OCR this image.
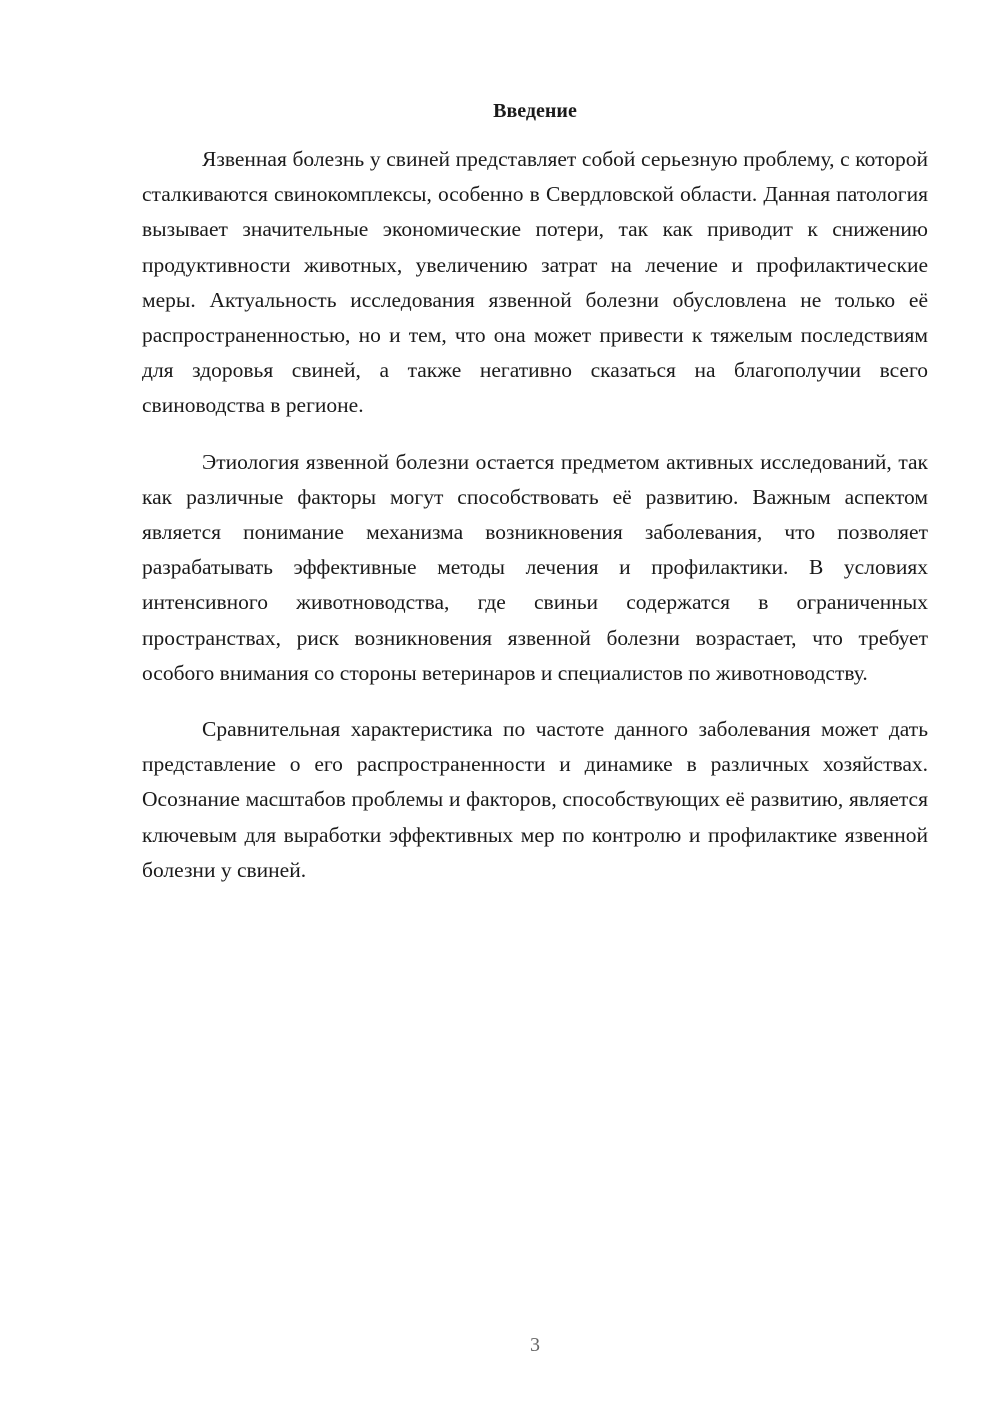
Введение

Язвенная болезнь у свиней представляет собой серьезную проблему, с которой сталкиваются свинокомплексы, особенно в Свердловской области. Данная патология вызывает значительные экономические потери, так как приводит к снижению продуктивности животных, увеличению затрат на лечение и профилактические меры. Актуальность исследования язвенной болезни обусловлена не только её распространенностью, но и тем, что она может привести к тяжелым последствиям для здоровья свиней, а также негативно сказаться на благополучии всего свиноводства в регионе.

Этиология язвенной болезни остается предметом активных исследований, так как различные факторы могут способствовать её развитию. Важным аспектом является понимание механизма возникновения заболевания, что позволяет разрабатывать эффективные методы лечения и профилактики. В условиях интенсивного животноводства, где свиньи содержатся в ограниченных пространствах, риск возникновения язвенной болезни возрастает, что требует особого внимания со стороны ветеринаров и специалистов по животноводству.

Сравнительная характеристика по частоте данного заболевания может дать представление о его распространенности и динамике в различных хозяйствах. Осознание масштабов проблемы и факторов, способствующих её развитию, является ключевым для выработки эффективных мер по контролю и профилактике язвенной болезни у свиней.

3
